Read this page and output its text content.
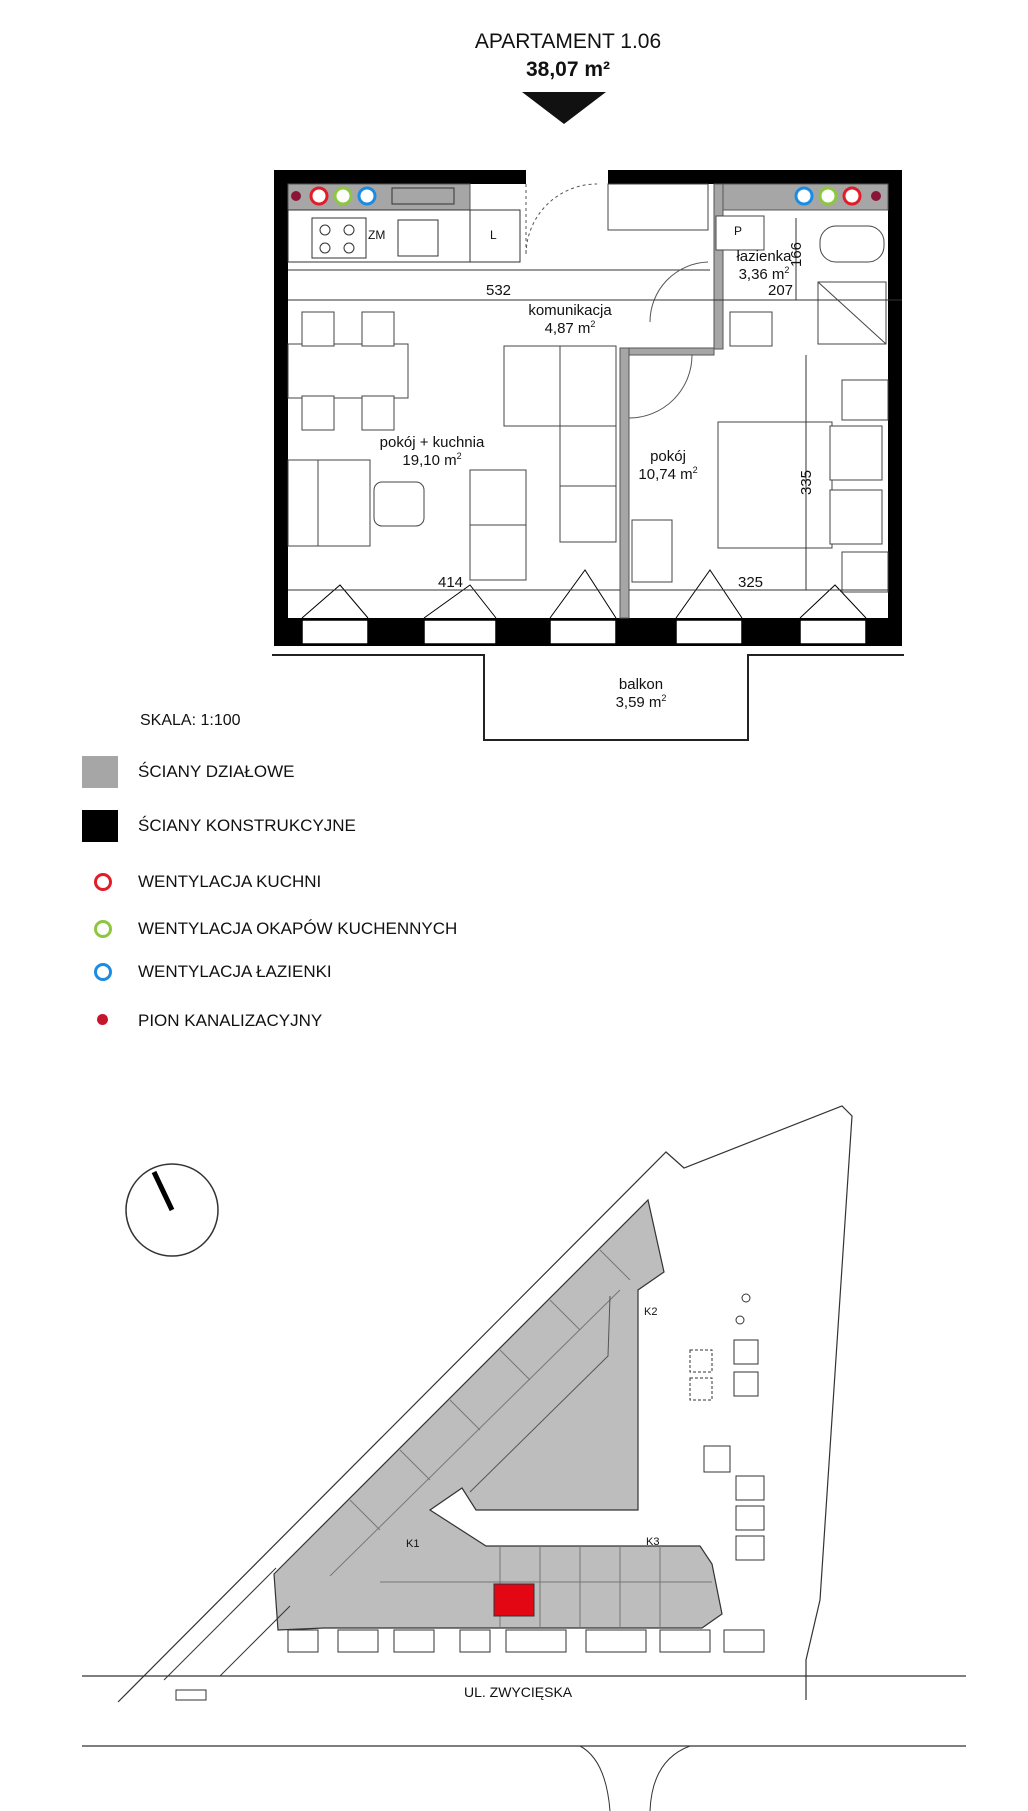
APARTAMENT 1.06
38,07 m²
komunikacja
4,87 $m^2$
łazienka
3,36 $m^2$
pokój + kuchnia
19,10 $m^2$	pokój
10,74 $m^2$
balkon
3,59 $m^2$
ZM	L	P
532	207
166
414	325
335
SKALA: 1:100
ŚCIANY DZIAŁOWE
ŚCIANY KONSTRUKCYJNE
WENTYLACJA KUCHNI
WENTYLACJA OKAPÓW KUCHENNYCH
WENTYLACJA ŁAZIENKI
PION KANALIZACYJNY
K1
K2
K3
UL. ZWYCIĘSKA
